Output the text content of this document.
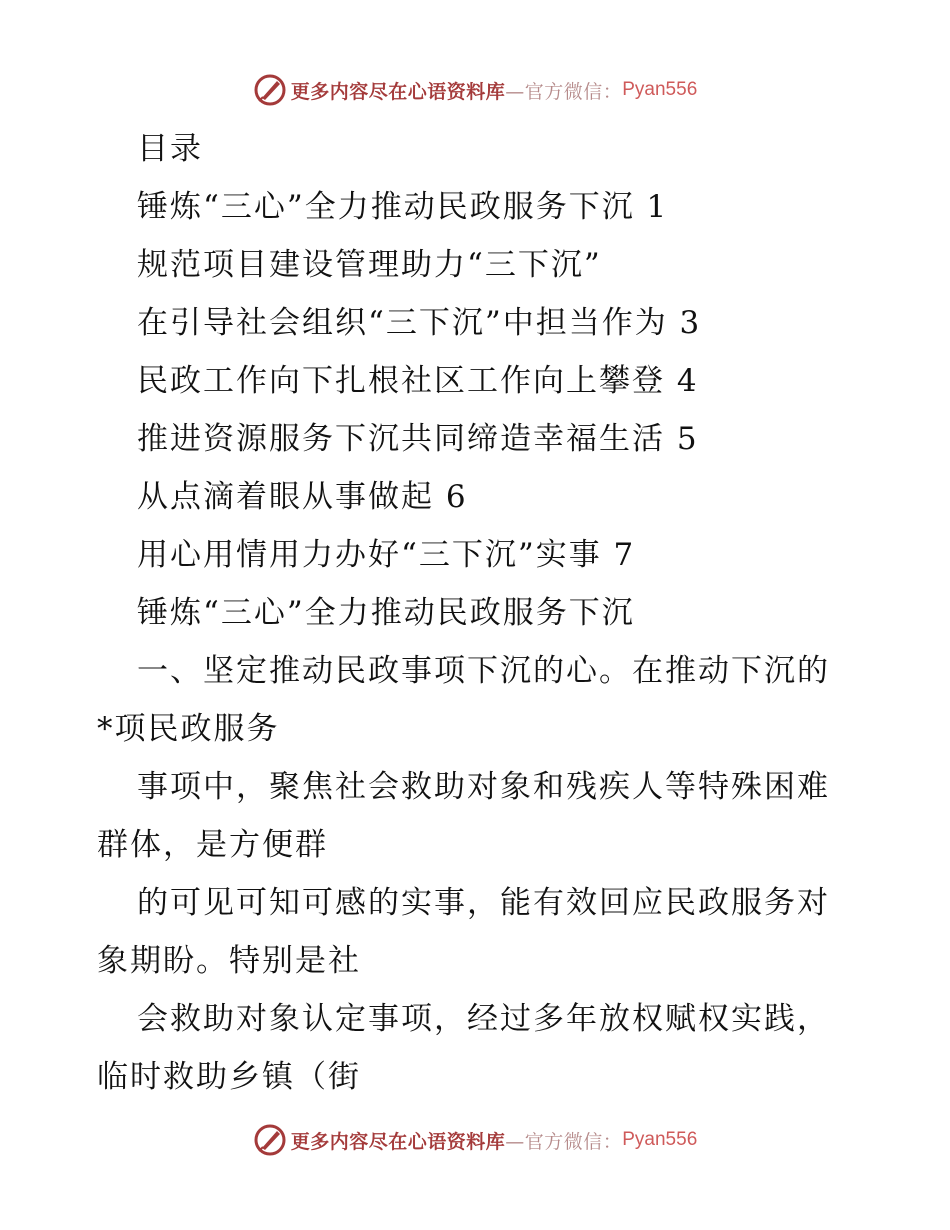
更多内容尽在心语资料库 —官方微信： Pyan556
目录
锤炼“三心”全力推动民政服务下沉 1
规范项目建设管理助力“三下沉”
在引导社会组织“三下沉”中担当作为 3
民政工作向下扎根社区工作向上攀登 4
推进资源服务下沉共同缔造幸福生活 5
从点滴着眼从事做起 6
用心用情用力办好“三下沉”实事 7
锤炼“三心”全力推动民政服务下沉
一、坚定推动民政事项下沉的心。在推动下沉的
*项民政服务
事项中，聚焦社会救助对象和残疾人等特殊困难
群体，是方便群
的可见可知可感的实事，能有效回应民政服务对
象期盼。特别是社
会救助对象认定事项，经过多年放权赋权实践，
临时救助乡镇（街
更多内容尽在心语资料库 —官方微信： Pyan556
